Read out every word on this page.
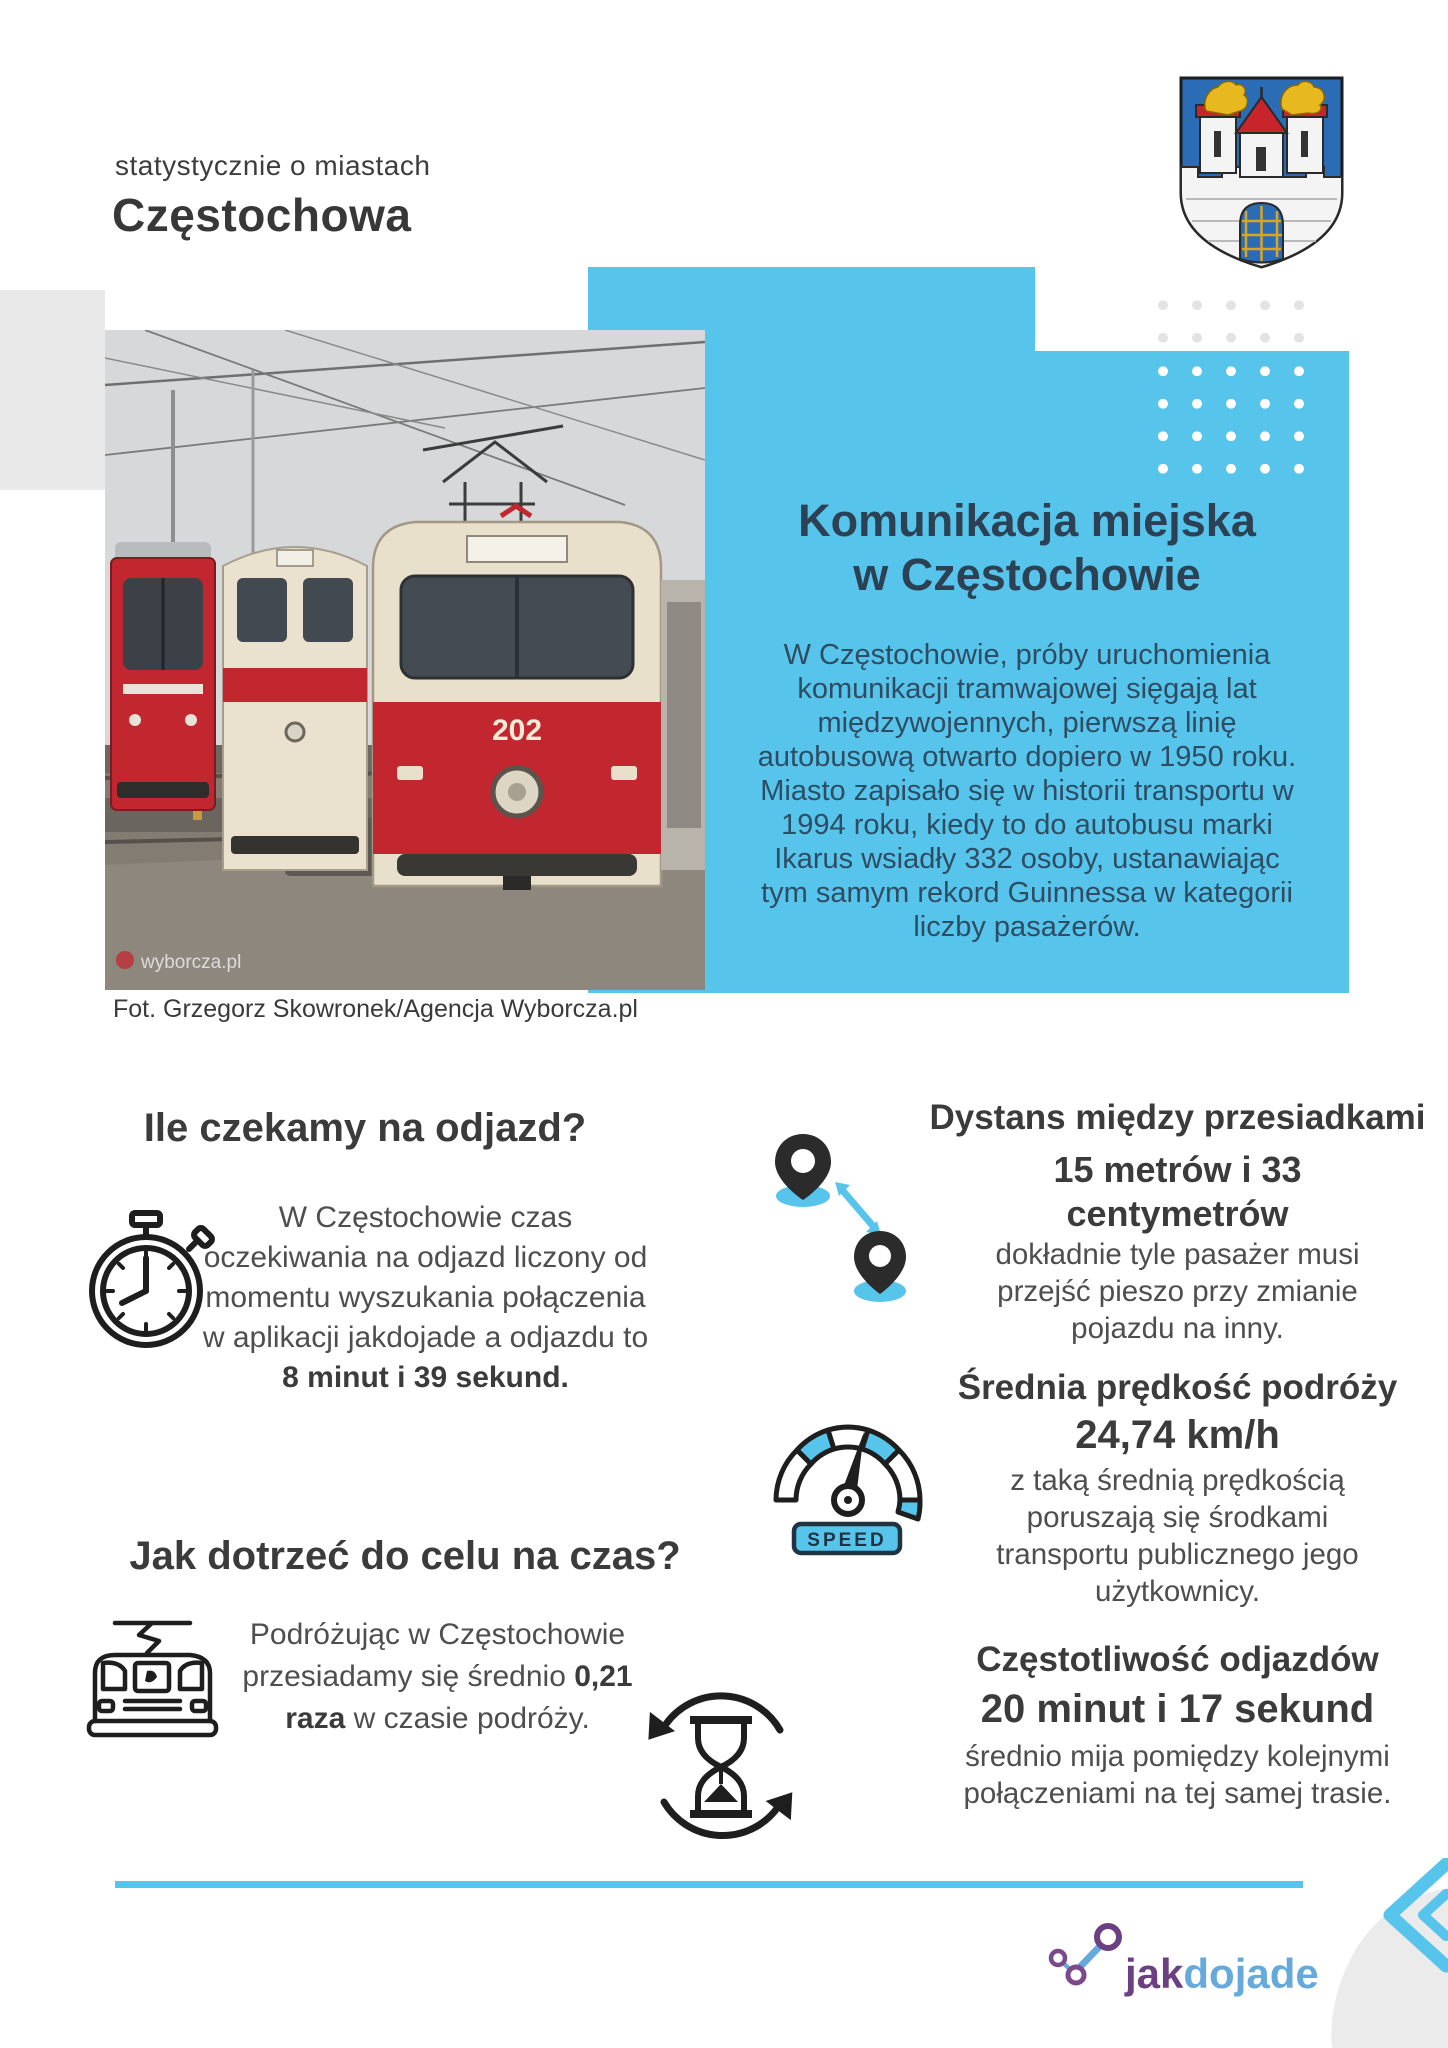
statystycznie o miastach
Częstochowa
202
wyborcza.pl
Komunikacja miejska
w Częstochowie
W Częstochowie, próby uruchomienia komunikacji tramwajowej sięgają lat międzywojennych, pierwszą linię autobusową otwarto dopiero w 1950 roku. Miasto zapisało się w historii transportu w 1994 roku, kiedy to do autobusu marki Ikarus wsiadły 332 osoby, ustanawiając tym samym rekord Guinnessa w kategorii liczby pasażerów.
Fot. Grzegorz Skowronek/Agencja Wyborcza.pl
Ile czekamy na odjazd?
W Częstochowie czas oczekiwania na odjazd liczony od momentu wyszukania połączenia w aplikacji jakdojade a odjazdu to 8 minut i 39 sekund.
Jak dotrzeć do celu na czas?
Podróżując w Częstochowie przesiadamy się średnio 0,21 raza w czasie podróży.
Dystans między przesiadkami
15 metrów i 33 centymetrów
dokładnie tyle pasażer musi przejść pieszo przy zmianie pojazdu na inny.
SPEED
Średnia prędkość podróży
24,74 km/h
z taką średnią prędkością poruszają się środkami transportu publicznego jego użytkownicy.
Częstotliwość odjazdów
20 minut i 17 sekund
średnio mija pomiędzy kolejnymi połączeniami na tej samej trasie.
jakdojade
